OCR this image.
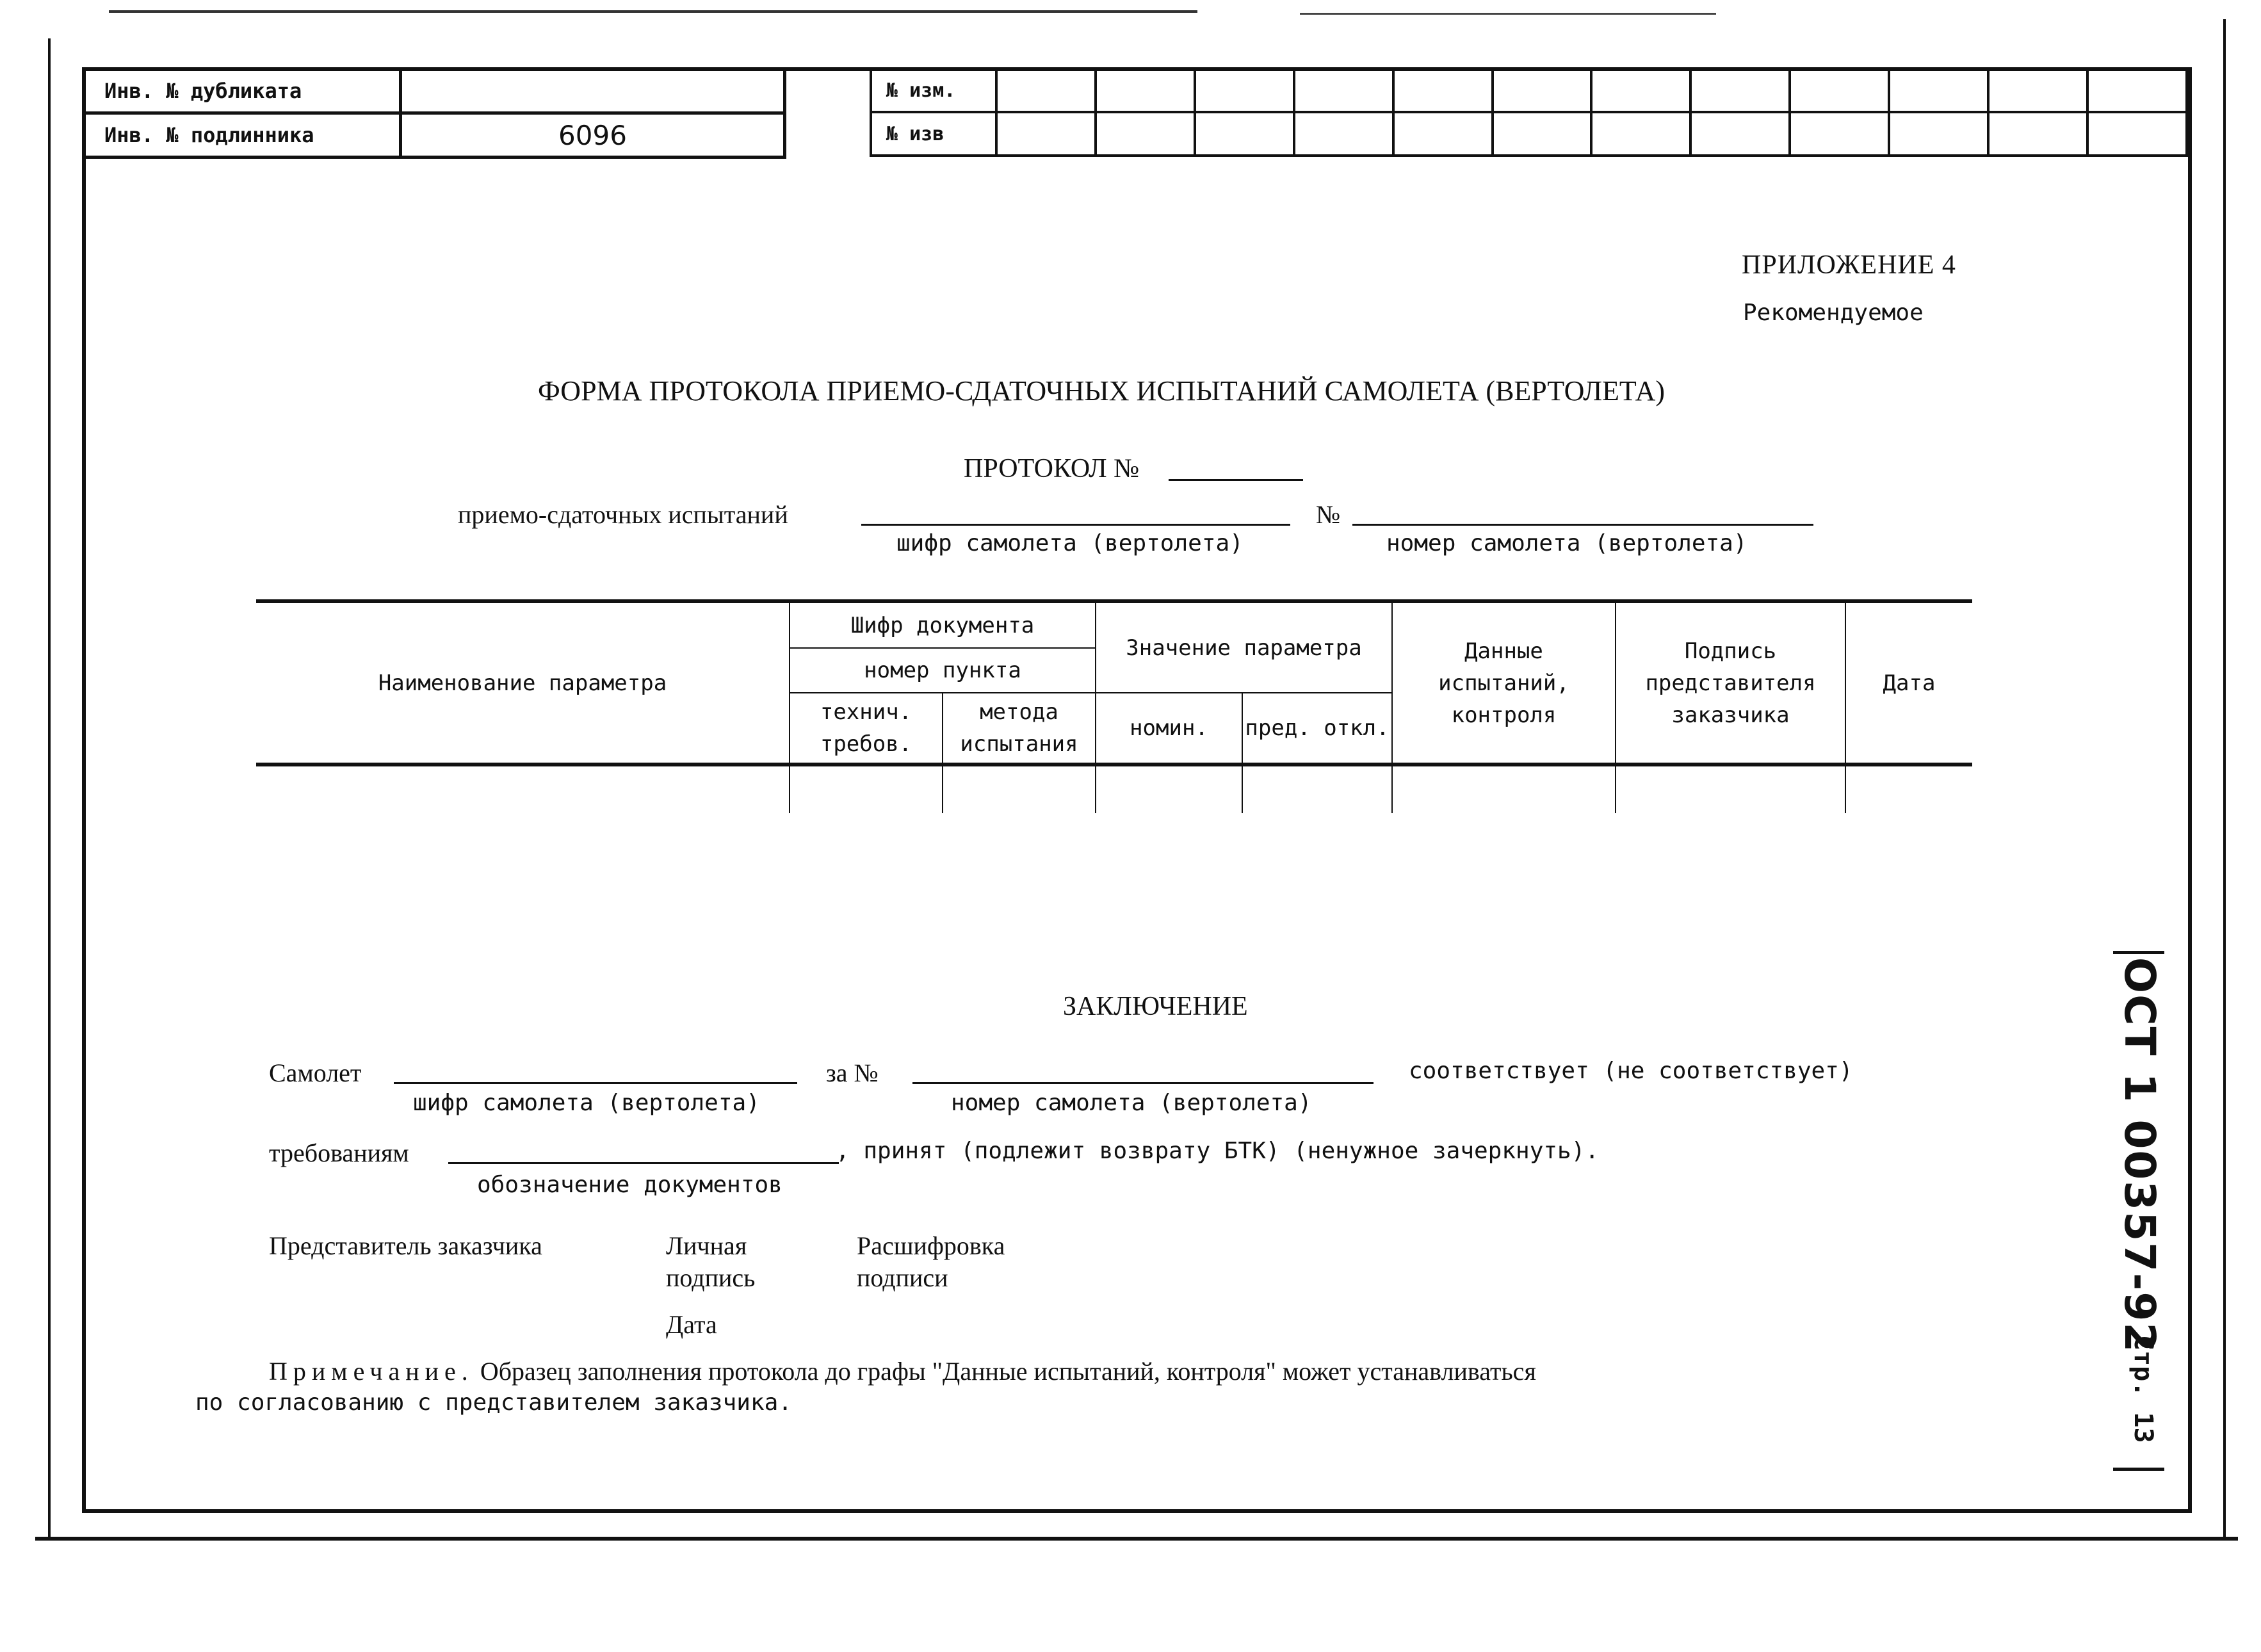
Инв. № дубликата	
Инв. № подлинника	6096
№ изм.												
№ изв												
ПРИЛОЖЕНИЕ 4
Рекомендуемое
ФОРМА ПРОТОКОЛА ПРИЕМО-СДАТОЧНЫХ ИСПЫТАНИЙ САМОЛЕТА (ВЕРТОЛЕТА)
ПРОТОКОЛ №
приемо-сдаточных испытаний	№
шифр самолета (вертолета)	номер самолета (вертолета)
Наименование параметра	Шифр документа		Значение параметра		Данные испытаний, контроля	Подпись представителя заказчика	Дата
	номер пункта						
	технич. требов.	метода испытания	номин.	пред. откл.			

ЗАКЛЮЧЕНИЕ
Самолет	за №	соответствует (не соответствует)
шифр самолета (вертолета)	номер самолета (вертолета)
требованиям	, принят (подлежит возврату БТК) (ненужное зачеркнуть).
обозначение документов
Представитель заказчика	Личная
подпись
Расшифровка
подписи
Дата
Примечание. Образец заполнения протокола до графы "Данные испытаний, контроля" может устанавливаться
по согласованию с представителем заказчика.
ОСТ 1 00357-92
Стр. 13
